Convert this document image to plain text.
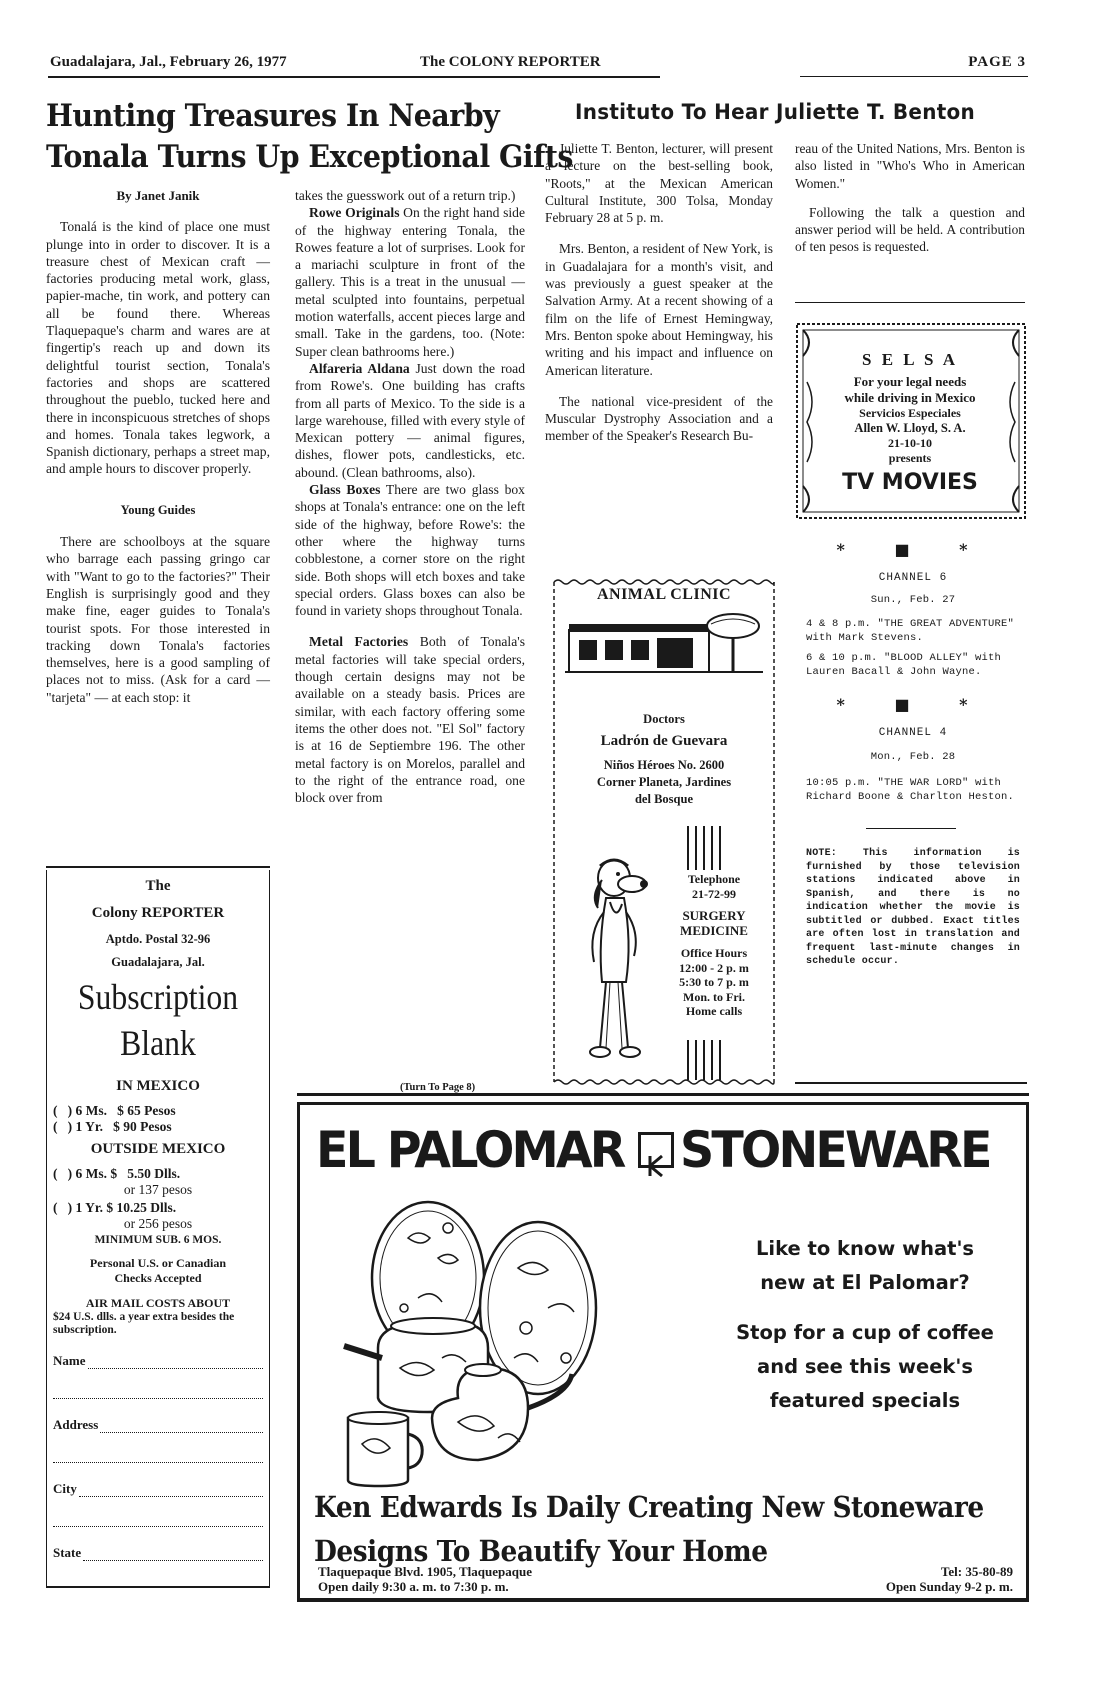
Guadalajara, Jal., February 26, 1977	The COLONY REPORTER	PAGE 3
Hunting Treasures In Nearby
Tonala Turns Up Exceptional Gifts
By Janet Janik

Tonalá is the kind of place one must plunge into in order to discover. It is a treasure chest of Mexican craft — factories producing metal work, glass, papier-mache, tin work, and pottery can all be found there. Whereas Tlaquepaque's charm and wares are at fingertip's reach up and down its delightful tourist section, Tonala's factories and shops are scattered throughout the pueblo, tucked here and there in inconspicuous stretches of shops and homes. Tonala takes legwork, a Spanish dictionary, perhaps a street map, and ample hours to discover properly.

Young Guides

There are schoolboys at the square who barrage each passing gringo car with "Want to go to the factories?" Their English is surprisingly good and they make fine, eager guides to Tonala's tourist spots. For those interested in tracking down Tonala's factories themselves, here is a good sampling of places not to miss. (Ask for a card — "tarjeta" — at each stop: it

takes the guesswork out of a return trip.)

Rowe Originals On the right hand side of the highway entering Tonala, the Rowes feature a lot of surprises. Look for a mariachi sculpture in front of the gallery. This is a treat in the unusual — metal sculpted into fountains, perpetual motion waterfalls, accent pieces large and small. Take in the gardens, too. (Note: Super clean bathrooms here.)

Alfareria Aldana Just down the road from Rowe's. One building has crafts from all parts of Mexico. To the side is a large warehouse, filled with every style of Mexican pottery — animal figures, dishes, flower pots, candlesticks, etc. abound. (Clean bathrooms, also).

Glass Boxes There are two glass box shops at Tonala's entrance: one on the left side of the highway, before Rowe's: the other where the highway turns cobblestone, a corner store on the right side. Both shops will etch boxes and take special orders. Glass boxes can also be found in variety shops throughout Tonala.

Metal Factories Both of Tonala's metal factories will take special orders, though certain designs may not be available on a steady basis. Prices are similar, with each factory offering some items the other does not. "El Sol" factory is at 16 de Septiembre 196. The other metal factory is on Morelos, parallel and to the right of the entrance road, one block over from

(Turn To Page 8)
The
Colony REPORTER
Aptdo. Postal 32-96
Guadalajara, Jal.
Subscription
Blank
IN MEXICO
(   ) 6 Ms.   $ 65 Pesos
(   ) 1 Yr.   $ 90 Pesos
OUTSIDE MEXICO
(   ) 6 Ms. $   5.50 Dlls.
or 137 pesos
(   ) 1 Yr. $ 10.25 Dlls.
or 256 pesos
MINIMUM SUB. 6 MOS.
Personal U.S. or Canadian
Checks Accepted
AIR MAIL COSTS ABOUT
$24 U.S. dlls. a year extra besides the subscription.
Name
Address
City
State
Instituto To Hear Juliette T. Benton

Juliette T. Benton, lecturer, will present a lecture on the best-selling book, "Roots," at the Mexican American Cultural Institute, 300 Tolsa, Monday February 28 at 5 p. m.

Mrs. Benton, a resident of New York, is in Guadalajara for a month's visit, and was previously a guest speaker at the Salvation Army. At a recent showing of a film on the life of Ernest Hemingway, Mrs. Benton spoke about Hemingway, his writing and his impact and influence on American literature.

The national vice-president of the Muscular Dystrophy Association and a member of the Speaker's Research Bu-

reau of the United Nations, Mrs. Benton is also listed in "Who's Who in American Women."

Following the talk a question and answer period will be held. A contribution of ten pesos is requested.

S E L S A
For your legal needs
while driving in Mexico
Servicios Especiales
Allen W. Lloyd, S. A.
21-10-10
presents
TV MOVIES
* ■ *
CHANNEL 6
Sun., Feb. 27
4 & 8 p.m. "THE GREAT ADVENTURE" with Mark Stevens.
6 & 10 p.m. "BLOOD ALLEY" with Lauren Bacall & John Wayne.
* ■ *
CHANNEL 4
Mon., Feb. 28
10:05 p.m. "THE WAR LORD" with Richard Boone & Charlton Heston.
NOTE: This information is furnished by those television stations indicated above in Spanish, and there is no indication whether the movie is subtitled or dubbed. Exact titles are often lost in translation and frequent last-minute changes in schedule occur.
ANIMAL CLINIC
Doctors
Ladrón de Guevara
Niños Héroes No. 2600
Corner Planeta, Jardines
del Bosque
Telephone
21-72-99
SURGERY
MEDICINE
Office Hours
12:00 - 2 p. m
5:30 to 7 p. m
Mon. to Fri.
Home calls
EL PALOMAR STONEWARE
Like to know what's new at El Palomar?
Stop for a cup of coffee and see this week's featured specials
Ken Edwards Is Daily Creating New Stoneware
Designs To Beautify Your Home
Tlaquepaque Blvd. 1905, Tlaquepaque
Open daily 9:30 a. m. to 7:30 p. m.
Tel: 35-80-89
Open Sunday 9-2 p. m.
